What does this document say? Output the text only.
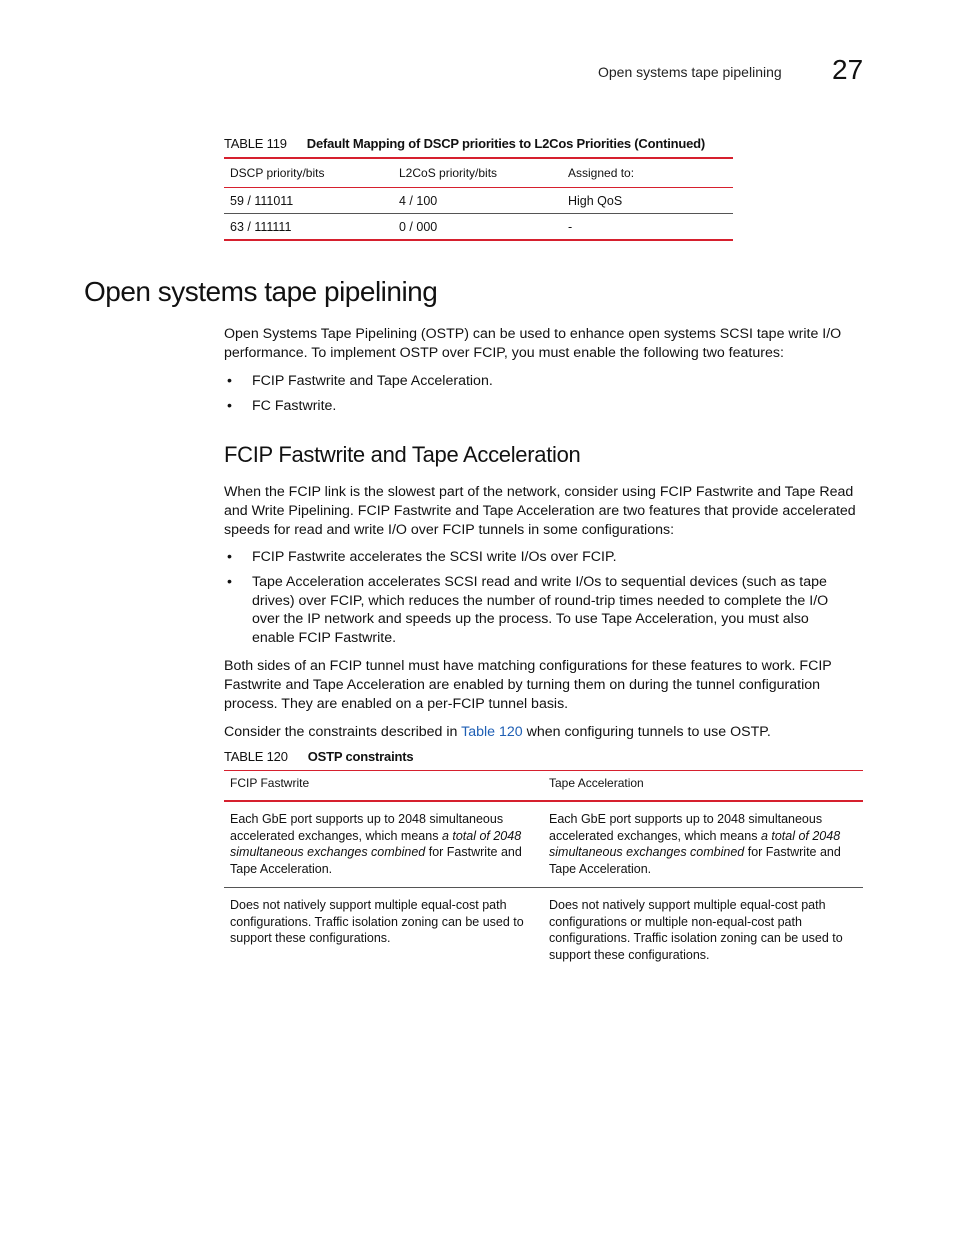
Open systems tape pipelining 27
TABLE 119 Default Mapping of DSCP priorities to L2Cos Priorities (Continued)
DSCP priority/bits	L2CoS priority/bits	Assigned to:
59 / 111011	4 / 100	High QoS
63 / 111111	0 / 000	-
Open systems tape pipelining

Open Systems Tape Pipelining (OSTP) can be used to enhance open systems SCSI tape write I/O performance. To implement OSTP over FCIP, you must enable the following two features:

• FCIP Fastwrite and Tape Acceleration.
• FC Fastwrite.
FCIP Fastwrite and Tape Acceleration

When the FCIP link is the slowest part of the network, consider using FCIP Fastwrite and Tape Read and Write Pipelining. FCIP Fastwrite and Tape Acceleration are two features that provide accelerated speeds for read and write I/O over FCIP tunnels in some configurations:

• FCIP Fastwrite accelerates the SCSI write I/Os over FCIP.
• Tape Acceleration accelerates SCSI read and write I/Os to sequential devices (such as tape drives) over FCIP, which reduces the number of round-trip times needed to complete the I/O over the IP network and speeds up the process. To use Tape Acceleration, you must also enable FCIP Fastwrite.

Both sides of an FCIP tunnel must have matching configurations for these features to work. FCIP Fastwrite and Tape Acceleration are enabled by turning them on during the tunnel configuration process. They are enabled on a per-FCIP tunnel basis.

Consider the constraints described in Table 120 when configuring tunnels to use OSTP.

TABLE 120 OSTP constraints
FCIP Fastwrite	Tape Acceleration
Each GbE port supports up to 2048 simultaneous accelerated exchanges, which means a total of 2048 simultaneous exchanges combined for Fastwrite and Tape Acceleration.	Each GbE port supports up to 2048 simultaneous accelerated exchanges, which means a total of 2048 simultaneous exchanges combined for Fastwrite and Tape Acceleration.
Does not natively support multiple equal-cost path configurations. Traffic isolation zoning can be used to support these configurations.	Does not natively support multiple equal-cost path configurations or multiple non-equal-cost path configurations. Traffic isolation zoning can be used to support these configurations.
